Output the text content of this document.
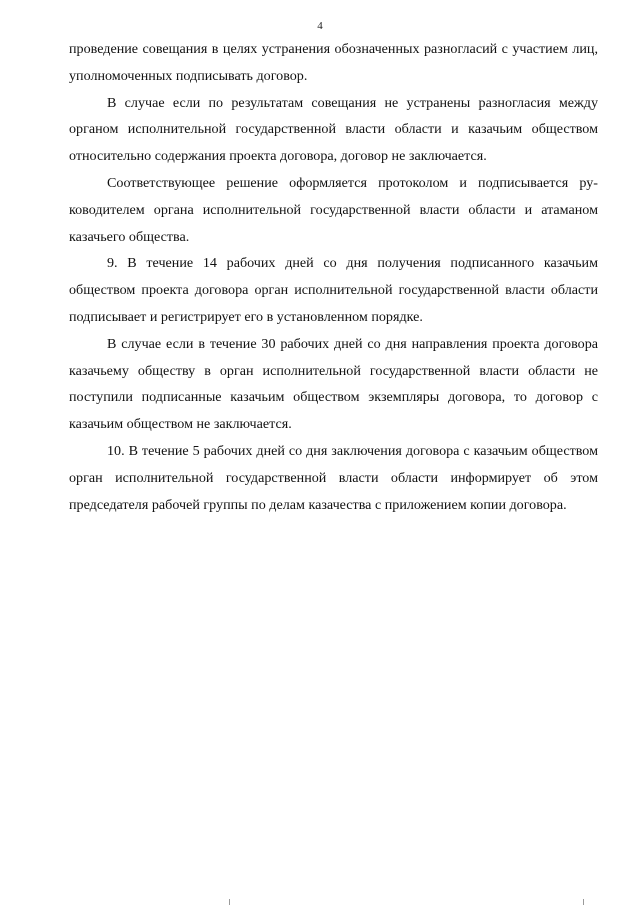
4

проведение совещания в целях устранения обозначенных разногласий с участием лиц, уполномоченных подписывать договор.

В случае если по результатам совещания не устранены разногласия между органом исполнительной государственной власти области и казачьим обществом относительно содержания проекта договора, договор не заключается.

Соответствующее решение оформляется протоколом и подписывается руководителем органа исполнительной государственной власти области и атаманом казачьего общества.

9. В течение 14 рабочих дней со дня получения подписанного казачьим обществом проекта договора орган исполнительной государственной власти области подписывает и регистрирует его в установленном порядке.

В случае если в течение 30 рабочих дней со дня направления проекта договора казачьему обществу в орган исполнительной государственной власти области не поступили подписанные казачьим обществом экземпляры договора, то договор с казачьим обществом не заключается.

10. В течение 5 рабочих дней со дня заключения договора с казачьим обществом орган исполнительной государственной власти области информирует об этом председателя рабочей группы по делам казачества с приложением копии договора.
